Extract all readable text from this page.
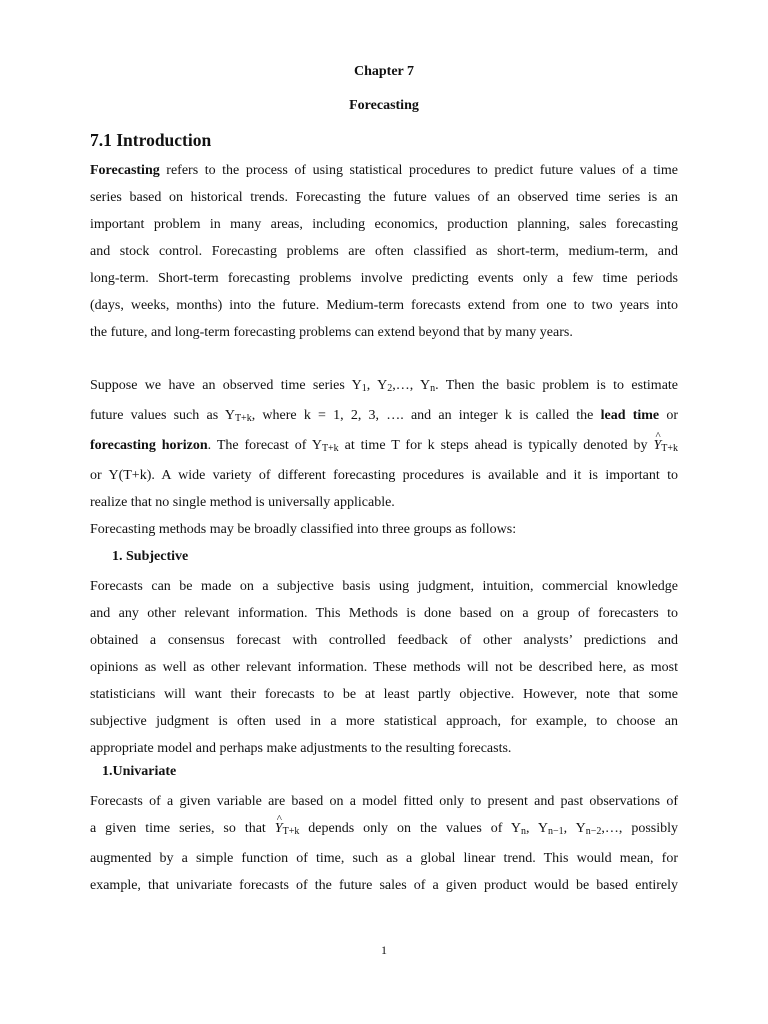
Chapter 7
Forecasting
7.1 Introduction
Forecasting refers to the process of using statistical procedures to predict future values of a time
series based on historical trends. Forecasting the future values of an observed time series is an
important problem in many areas, including economics, production planning, sales forecasting
and stock control. Forecasting problems are often classified as short-term, medium-term, and
long-term. Short-term forecasting problems involve predicting events only a few time periods
(days, weeks, months) into the future. Medium-term forecasts extend from one to two years into
the future, and long-term forecasting problems can extend beyond that by many years.
Suppose we have an observed time series $Y_1$, $Y_2,\dots$, $Y_n$. Then the basic problem is to estimate
future values such as $Y_{T+k}$, where k = 1, 2, 3, …. and an integer k is called the lead time or
forecasting horizon. The forecast of $Y_{T+k}$ at time T for k steps ahead is typically denoted by ^ $Y_{T+k}$
or Y(T+k). A wide variety of different forecasting procedures is available and it is important to
realize that no single method is universally applicable.
Forecasting methods may be broadly classified into three groups as follows:
1. Subjective
Forecasts can be made on a subjective basis using judgment, intuition, commercial knowledge
and any other relevant information. This Methods is done based on a group of forecasters to
obtained a consensus forecast with controlled feedback of other analysts’ predictions and
opinions as well as other relevant information. These methods will not be described here, as most
statisticians will want their forecasts to be at least partly objective. However, note that some
subjective judgment is often used in a more statistical approach, for example, to choose an
appropriate model and perhaps make adjustments to the resulting forecasts.
1.Univariate
Forecasts of a given variable are based on a model fitted only to present and past observations of
a given time series, so that ^ $Y_{T+k}$ depends only on the values of $Y_n$, $Y_{n-1}$, $Y_{n-2},\dots$, possibly
augmented by a simple function of time, such as a global linear trend. This would mean, for
example, that univariate forecasts of the future sales of a given product would be based entirely
1
